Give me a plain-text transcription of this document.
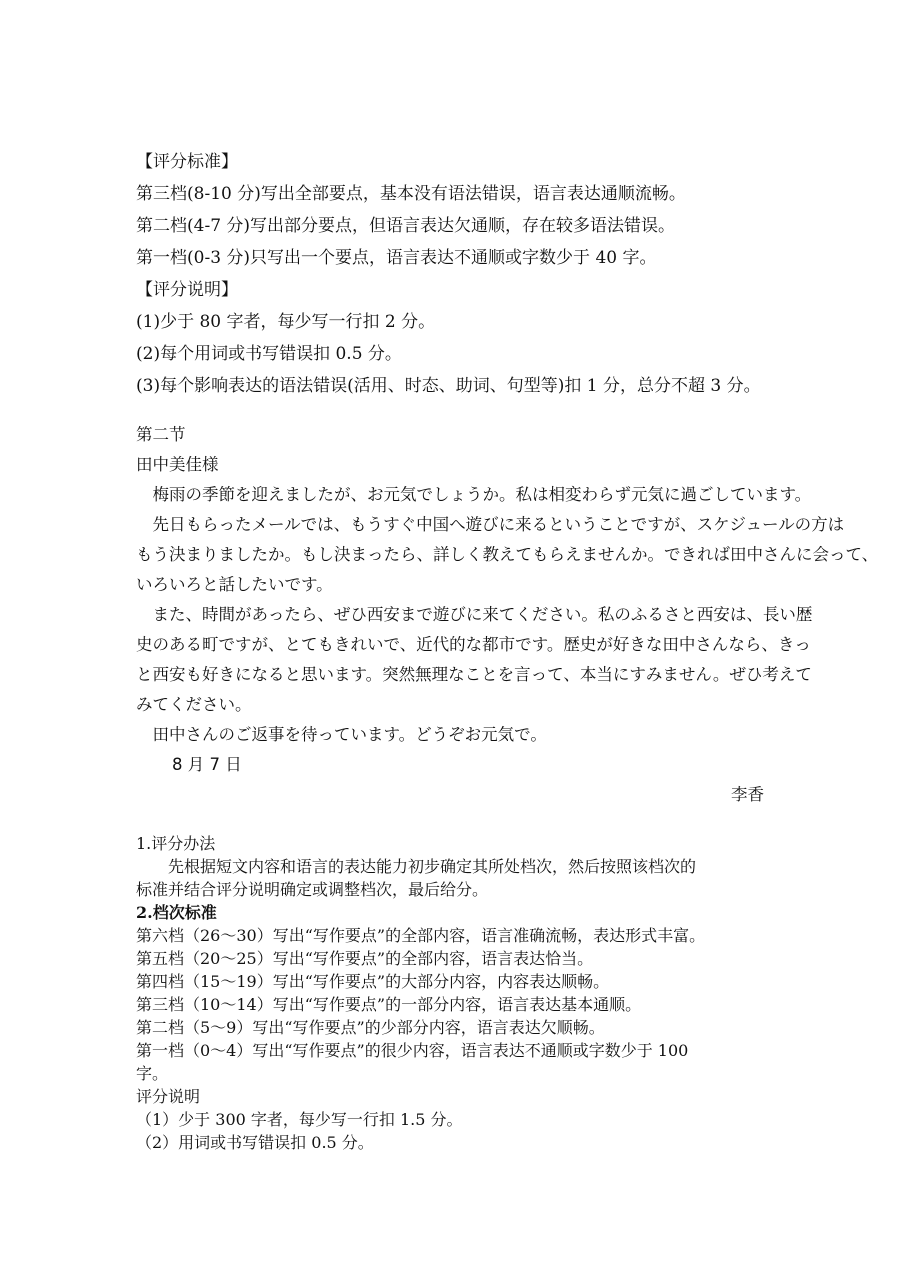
【评分标准】
第三档(8-10 分)写出全部要点，基本没有语法错误，语言表达通顺流畅。
第二档(4-7 分)写出部分要点，但语言表达欠通顺，存在较多语法错误。
第一档(0-3 分)只写出一个要点，语言表达不通顺或字数少于 40 字。
【评分说明】
(1)少于 80 字者，每少写一行扣 2 分。
(2)每个用词或书写错误扣 0.5 分。
(3)每个影响表达的语法错误(活用、时态、助词、句型等)扣 1 分，总分不超 3 分。
第二节
田中美佳様
梅雨の季節を迎えましたが、お元気でしょうか。私は相変わらず元気に過ごしています。
先日もらったメールでは、もうすぐ中国へ遊びに来るということですが、スケジュールの方は
もう決まりましたか。もし決まったら、詳しく教えてもらえませんか。できれば田中さんに会って、
いろいろと話したいです。
また、時間があったら、ぜひ西安まで遊びに来てください。私のふるさと西安は、長い歴
史のある町ですが、とてもきれいで、近代的な都市です。歴史が好きな田中さんなら、きっ
と西安も好きになると思います。突然無理なことを言って、本当にすみません。ぜひ考えて
みてください。
田中さんのご返事を待っています。どうぞお元気で。
8 月 7 日
李香
1.评分办法
先根据短文内容和语言的表达能力初步确定其所处档次，然后按照该档次的
标准并结合评分说明确定或调整档次，最后给分。
2.档次标准
第六档（26～30）写出“写作要点”的全部内容，语言准确流畅，表达形式丰富。
第五档（20～25）写出“写作要点”的全部内容，语言表达恰当。
第四档（15～19）写出“写作要点”的大部分内容，内容表达顺畅。
第三档（10～14）写出“写作要点”的一部分内容，语言表达基本通顺。
第二档（5～9）写出“写作要点”的少部分内容，语言表达欠顺畅。
第一档（0～4）写出“写作要点”的很少内容，语言表达不通顺或字数少于 100
字。
评分说明
（1）少于 300 字者，每少写一行扣 1.5 分。
（2）用词或书写错误扣 0.5 分。
